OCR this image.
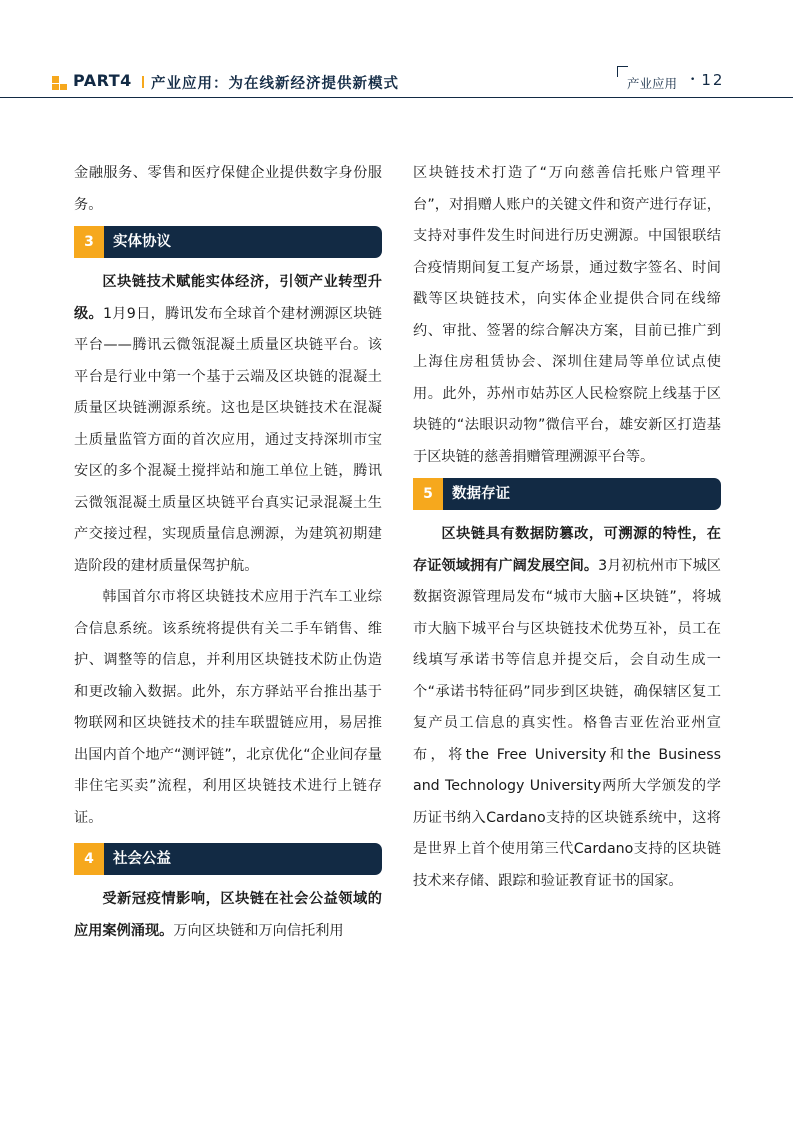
PART4 产业应用：为在线新经济提供新模式	产业应用 • 12

金融服务、零售和医疗保健企业提供数字身份服务。

3	实体协议

区块链技术赋能实体经济，引领产业转型升级。1月9日，腾讯发布全球首个建材溯源区块链平台——腾讯云微瓴混凝土质量区块链平台。该平台是行业中第一个基于云端及区块链的混凝土质量区块链溯源系统。这也是区块链技术在混凝土质量监管方面的首次应用，通过支持深圳市宝安区的多个混凝土搅拌站和施工单位上链，腾讯云微瓴混凝土质量区块链平台真实记录混凝土生产交接过程，实现质量信息溯源，为建筑初期建造阶段的建材质量保驾护航。

韩国首尔市将区块链技术应用于汽车工业综合信息系统。该系统将提供有关二手车销售、维护、调整等的信息，并利用区块链技术防止伪造和更改输入数据。此外，东方驿站平台推出基于物联网和区块链技术的挂车联盟链应用，易居推出国内首个地产“测评链”，北京优化“企业间存量非住宅买卖”流程，利用区块链技术进行上链存证。

4	社会公益

受新冠疫情影响，区块链在社会公益领域的应用案例涌现。万向区块链和万向信托利用

区块链技术打造了“万向慈善信托账户管理平台”，对捐赠人账户的关键文件和资产进行存证，支持对事件发生时间进行历史溯源。中国银联结合疫情期间复工复产场景，通过数字签名、时间戳等区块链技术，向实体企业提供合同在线缔约、审批、签署的综合解决方案，目前已推广到上海住房租赁协会、深圳住建局等单位试点使用。此外，苏州市姑苏区人民检察院上线基于区块链的“法眼识动物”微信平台，雄安新区打造基于区块链的慈善捐赠管理溯源平台等。

5	数据存证

区块链具有数据防篡改，可溯源的特性，在存证领域拥有广阔发展空间。3月初杭州市下城区数据资源管理局发布“城市大脑+区块链”，将城市大脑下城平台与区块链技术优势互补，员工在线填写承诺书等信息并提交后，会自动生成一个“承诺书特征码”同步到区块链，确保辖区复工复产员工信息的真实性。格鲁吉亚佐治亚州宣布，将the Free University和the Business and Technology University两所大学颁发的学历证书纳入Cardano支持的区块链系统中，这将是世界上首个使用第三代Cardano支持的区块链技术来存储、跟踪和验证教育证书的国家。
